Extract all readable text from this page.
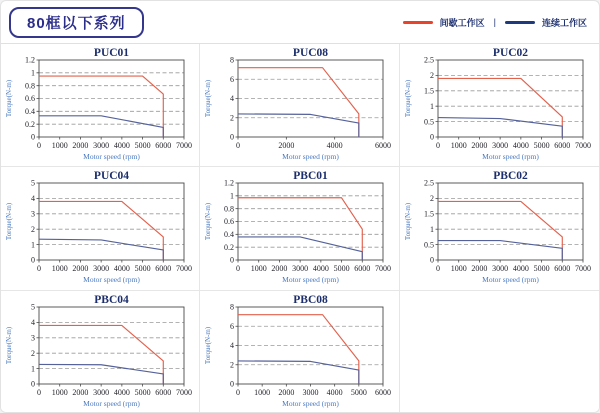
80框以下系列	间歇工作区 |	连续工作区
PUC01
0
0.2
0.4
0.6
0.8
1
1.2
0 1000 2000 3000 4000 5000 6000 7000
Motor speed (rpm)
Torque(N-m)
PUC08
0
2
4
6
8
0	2000	4000	6000
Motor speed (rpm)
Torque(N-m)
PUC02
0
0.5
1
1.5
2
2.5
0 1000 2000 3000 4000 5000 6000 7000
Motor speed (rpm)
Torque(N-m)
PUC04
0
1
2
3
4
5
0 1000 2000 3000 4000 5000 6000 7000
Motor speed (rpm)
Torque(N-m)
PBC01
0
0.2
0.4
0.6
0.8
1
1.2
0 1000 2000 3000 4000 5000 6000 7000
Motor speed (rpm)
Torque(N-m)
PBC02
0
0.5
1
1.5
2
2.5
0 1000 2000 3000 4000 5000 6000 7000
Motor speed (rpm)
Torque(N-m)
PBC04
0
1
2
3
4
5
0 1000 2000 3000 4000 5000 6000 7000
Motor speed (rpm)
Torque(N-m)
PBC08
0
2
4
6
8
0 1000 2000 3000 4000 5000 6000
Motor speed (rpm)
Torque(N-m)
